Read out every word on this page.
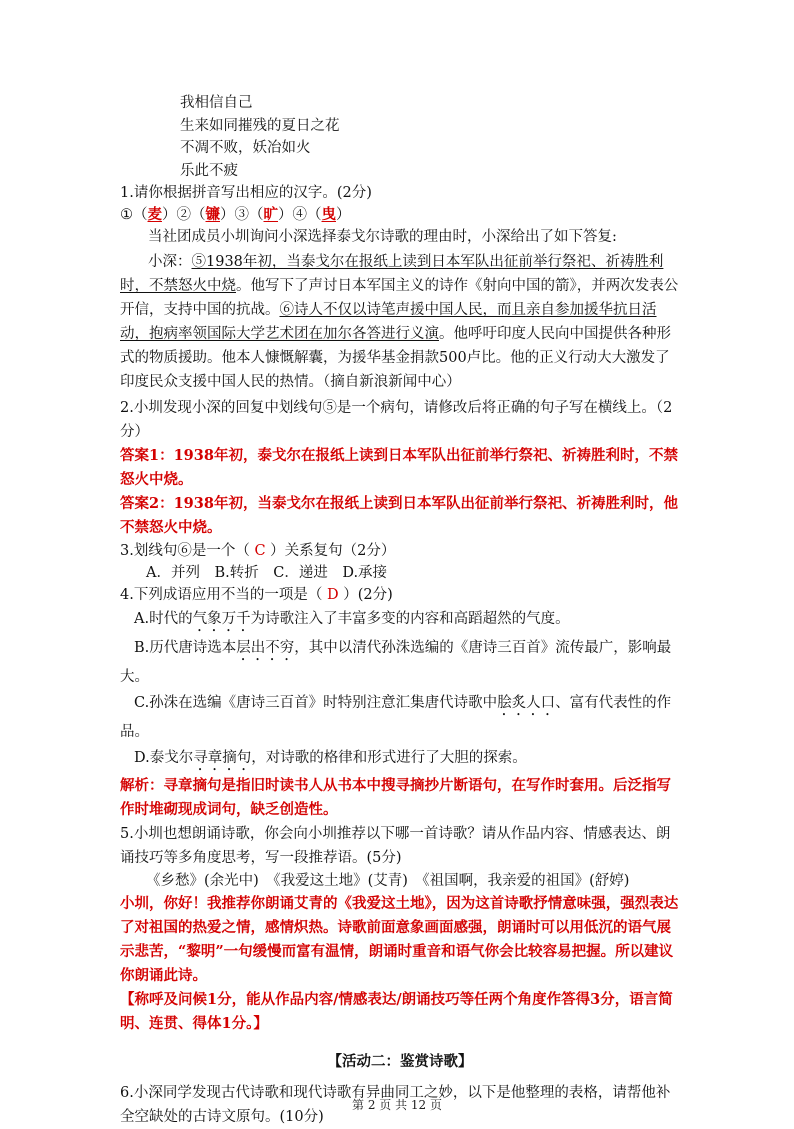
我相信自己
生来如同摧残的夏日之花
不凋不败，妖冶如火
乐此不疲

1.请你根据拼音写出相应的汉字。(2分)

①（麦）②（镰）③（旷）④（曳）

当社团成员小圳询问小深选择泰戈尔诗歌的理由时，小深给出了如下答复:

小深：⑤1938年初，当泰戈尔在报纸上读到日本军队出征前举行祭祀、祈祷胜利时，不禁怒火中烧。他写下了声讨日本军国主义的诗作《射向中国的箭》，并两次发表公开信，支持中国的抗战。⑥诗人不仅以诗笔声援中国人民，而且亲自参加援华抗日活动，抱病率领国际大学艺术团在加尔各答进行义演。他呼吁印度人民向中国提供各种形式的物质援助。他本人慷慨解囊，为援华基金捐款500卢比。他的正义行动大大激发了印度民众支援中国人民的热情。（摘自新浪新闻中心）

2.小圳发现小深的回复中划线句⑤是一个病句，请修改后将正确的句子写在横线上。（2分）

答案1：1938年初，泰戈尔在报纸上读到日本军队出征前举行祭祀、祈祷胜利时，不禁怒火中烧。

答案2：1938年初，当泰戈尔在报纸上读到日本军队出征前举行祭祀、祈祷胜利时，他不禁怒火中烧。

3.划线句⑥是一个（ C ）关系复句（2分）

A．并列　B.转折　C．递进　D.承接

4.下列成语应用不当的一项是（ D ）(2分)

A.时代的气象万千为诗歌注入了丰富多变的内容和高蹈超然的气度。

B.历代唐诗选本层出不穷，其中以清代孙洙选编的《唐诗三百首》流传最广，影响最大。

C.孙洙在选编《唐诗三百首》时特别注意汇集唐代诗歌中脍炙人口、富有代表性的作品。

D.泰戈尔寻章摘句，对诗歌的格律和形式进行了大胆的探索。

解析：寻章摘句是指旧时读书人从书本中搜寻摘抄片断语句，在写作时套用。后泛指写作时堆砌现成词句，缺乏创造性。

5.小圳也想朗诵诗歌，你会向小圳推荐以下哪一首诗歌？请从作品内容、情感表达、朗诵技巧等多角度思考，写一段推荐语。(5分)

《乡愁》(余光中)　《我爱这土地》(艾青)　《祖国啊，我亲爱的祖国》(舒婷)

小圳，你好！我推荐你朗诵艾青的《我爱这土地》，因为这首诗歌抒情意味强，强烈表达了对祖国的热爱之情，感情炽热。诗歌前面意象画面感强，朗诵时可以用低沉的语气展示悲苦，“黎明”一句缓慢而富有温情，朗诵时重音和语气你会比较容易把握。所以建议你朗诵此诗。

【称呼及问候1分，能从作品内容/情感表达/朗诵技巧等任两个角度作答得3分，语言简明、连贯、得体1分。】

【活动二：鉴赏诗歌】

6.小深同学发现古代诗歌和现代诗歌有异曲同工之妙，以下是他整理的表格，请帮他补全空缺处的古诗文原句。(10分)

第 2 页 共 12 页
